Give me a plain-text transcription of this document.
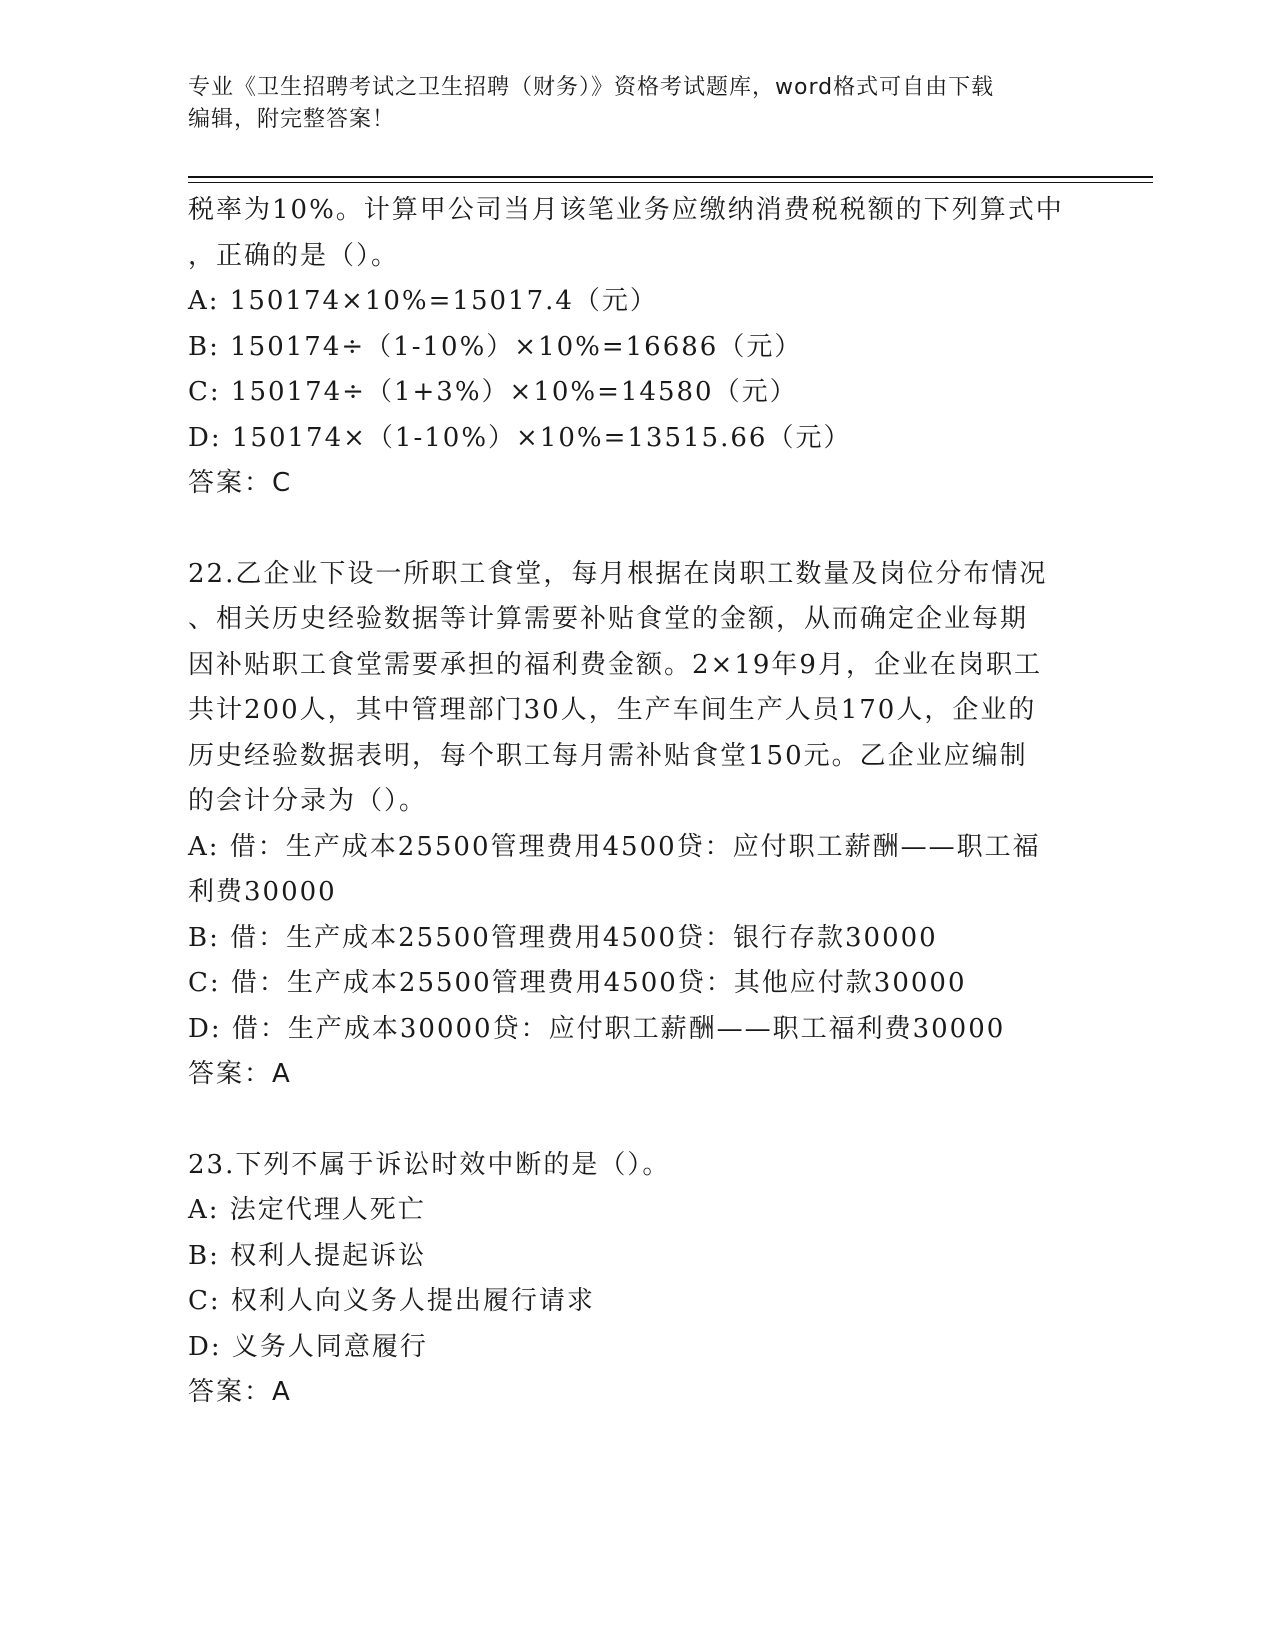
专业《卫生招聘考试之卫生招聘（财务）》资格考试题库，word格式可自由下载
编辑，附完整答案！

税率为10%。计算甲公司当月该笔业务应缴纳消费税税额的下列算式中

，正确的是（）。

A: 150174×10%=15017.4（元）

B: 150174÷（1-10%）×10%=16686（元）

C: 150174÷（1+3%）×10%=14580（元）

D: 150174×（1-10%）×10%=13515.66（元）

答案：C

22.乙企业下设一所职工食堂，每月根据在岗职工数量及岗位分布情况

、相关历史经验数据等计算需要补贴食堂的金额，从而确定企业每期

因补贴职工食堂需要承担的福利费金额。2×19年9月，企业在岗职工

共计200人，其中管理部门30人，生产车间生产人员170人，企业的

历史经验数据表明，每个职工每月需补贴食堂150元。乙企业应编制

的会计分录为（）。

A: 借：生产成本25500管理费用4500贷：应付职工薪酬——职工福

利费30000

B: 借：生产成本25500管理费用4500贷：银行存款30000

C: 借：生产成本25500管理费用4500贷：其他应付款30000

D: 借：生产成本30000贷：应付职工薪酬——职工福利费30000

答案：A

23.下列不属于诉讼时效中断的是（）。

A: 法定代理人死亡

B: 权利人提起诉讼

C: 权利人向义务人提出履行请求

D: 义务人同意履行

答案：A
